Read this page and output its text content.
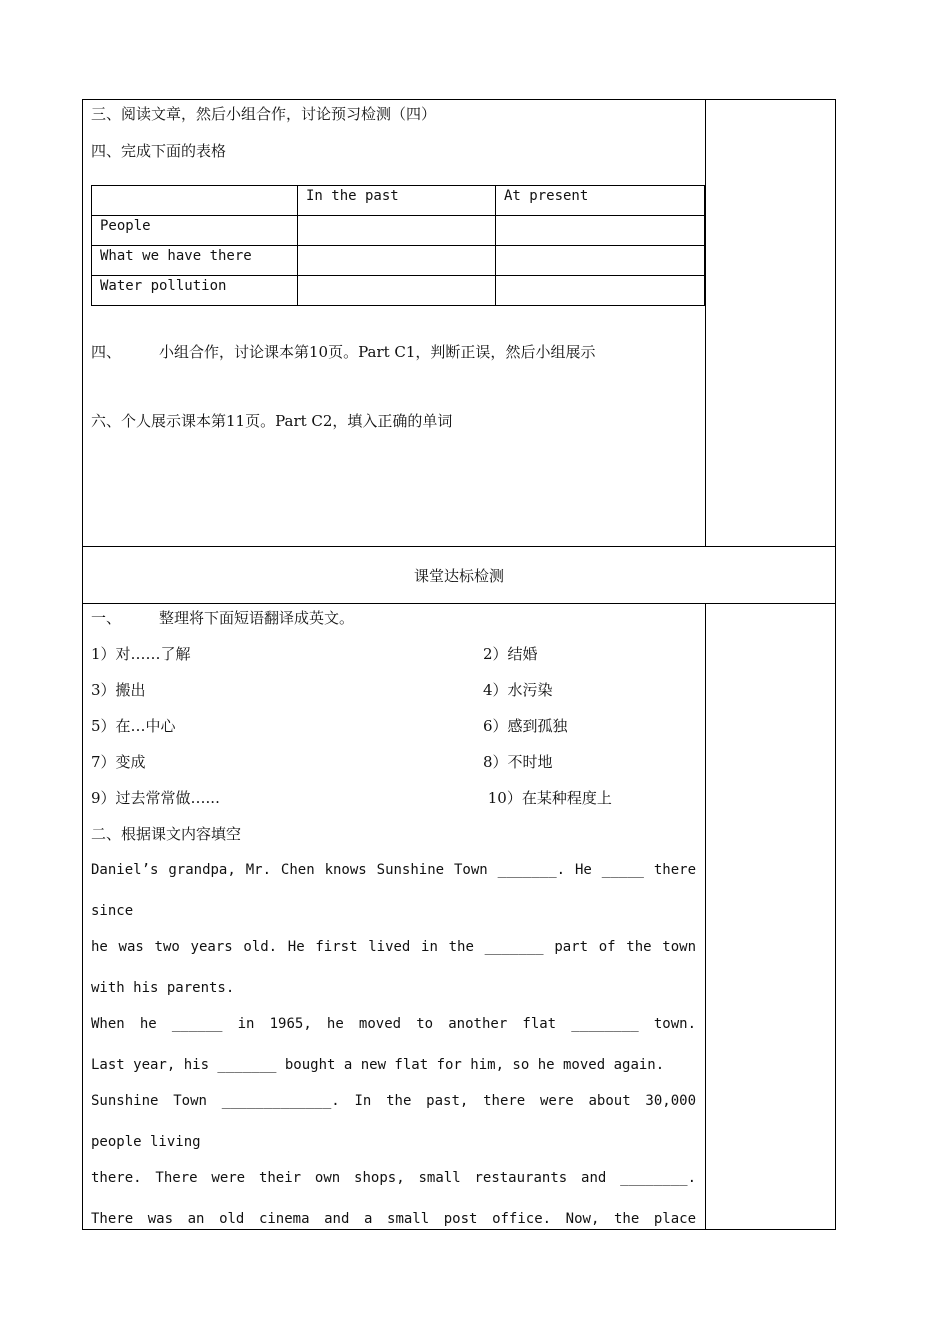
三、阅读文章，然后小组合作，讨论预习检测（四）
四、完成下面的表格
	In the past	At present
People		
What we have there		
Water pollution		
四、	小组合作，讨论课本第10页。Part C1，判断正误，然后小组展示
六、个人展示课本第11页。Part C2，填入正确的单词
课堂达标检测
一、	整理将下面短语翻译成英文。
1）对……了解	2）结婚
3）搬出	4）水污染
5）在…中心	6）感到孤独
7）变成	8）不时地
9）过去常常做…...	10）在某种程度上
二、根据课文内容填空
Daniel’s grandpa, Mr. Chen knows Sunshine Town _______. He _____ there
since
he was two years old. He first lived in the _______ part of the town
with his parents.
When he ______ in 1965, he moved to another flat ________ town.
Last year, his _______ bought a new flat for him, so he moved again.
Sunshine Town _____________. In the past, there were about 30,000
people living
there. There were their own shops, small restaurants and ________.
There was an old cinema and a small post office. Now, the place
